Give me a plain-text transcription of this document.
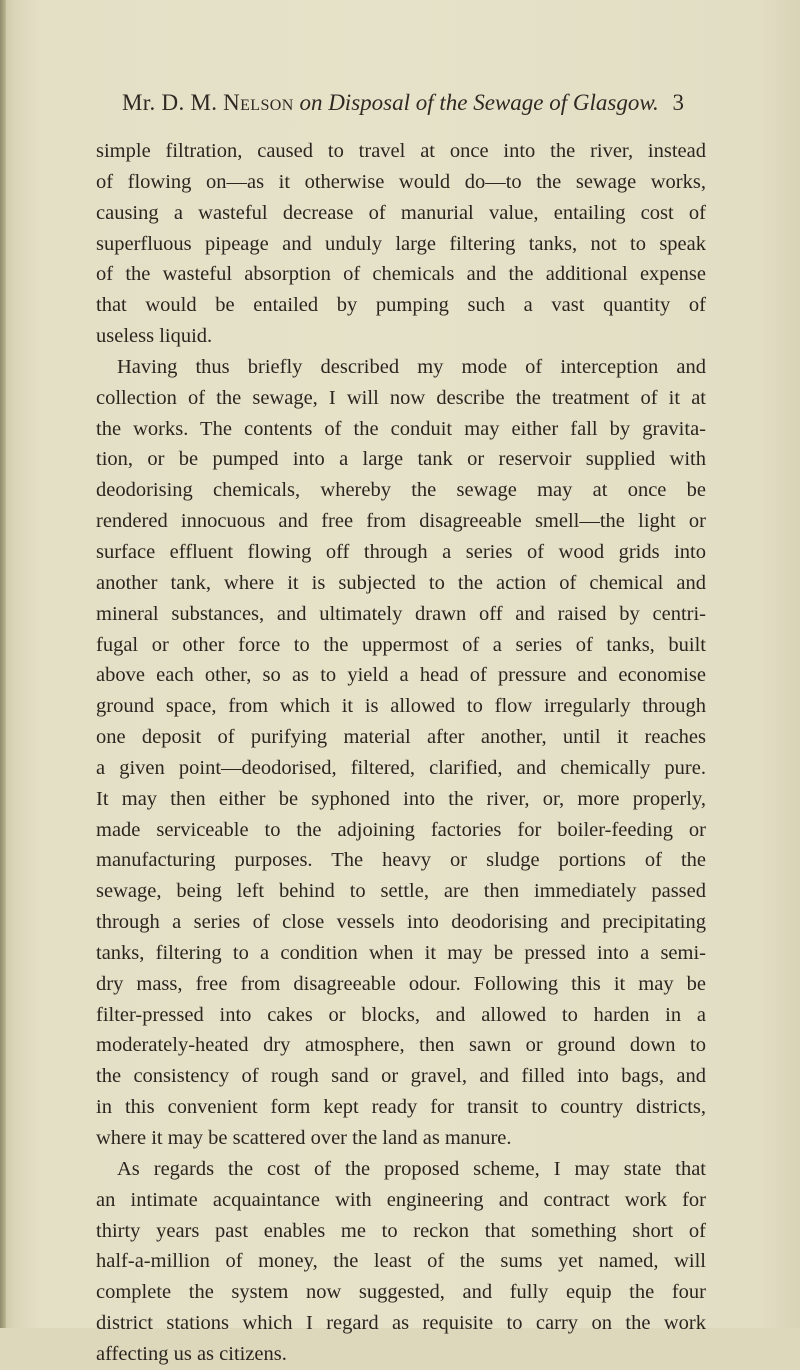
Mr. D. M. Nelson on Disposal of the Sewage of Glasgow. 3
simple filtration, caused to travel at once into the river, instead
of flowing on—as it otherwise would do—to the sewage works,
causing a wasteful decrease of manurial value, entailing cost of
superfluous pipeage and unduly large filtering tanks, not to speak
of the wasteful absorption of chemicals and the additional expense
that would be entailed by pumping such a vast quantity of
useless liquid.
Having thus briefly described my mode of interception and
collection of the sewage, I will now describe the treatment of it at
the works. The contents of the conduit may either fall by gravita-
tion, or be pumped into a large tank or reservoir supplied with
deodorising chemicals, whereby the sewage may at once be
rendered innocuous and free from disagreeable smell—the light or
surface effluent flowing off through a series of wood grids into
another tank, where it is subjected to the action of chemical and
mineral substances, and ultimately drawn off and raised by centri-
fugal or other force to the uppermost of a series of tanks, built
above each other, so as to yield a head of pressure and economise
ground space, from which it is allowed to flow irregularly through
one deposit of purifying material after another, until it reaches
a given point—deodorised, filtered, clarified, and chemically pure.
It may then either be syphoned into the river, or, more properly,
made serviceable to the adjoining factories for boiler-feeding or
manufacturing purposes. The heavy or sludge portions of the
sewage, being left behind to settle, are then immediately passed
through a series of close vessels into deodorising and precipitating
tanks, filtering to a condition when it may be pressed into a semi-
dry mass, free from disagreeable odour. Following this it may be
filter-pressed into cakes or blocks, and allowed to harden in a
moderately-heated dry atmosphere, then sawn or ground down to
the consistency of rough sand or gravel, and filled into bags, and
in this convenient form kept ready for transit to country districts,
where it may be scattered over the land as manure.
As regards the cost of the proposed scheme, I may state that
an intimate acquaintance with engineering and contract work for
thirty years past enables me to reckon that something short of
half-a-million of money, the least of the sums yet named, will
complete the system now suggested, and fully equip the four
district stations which I regard as requisite to carry on the work
affecting us as citizens.
